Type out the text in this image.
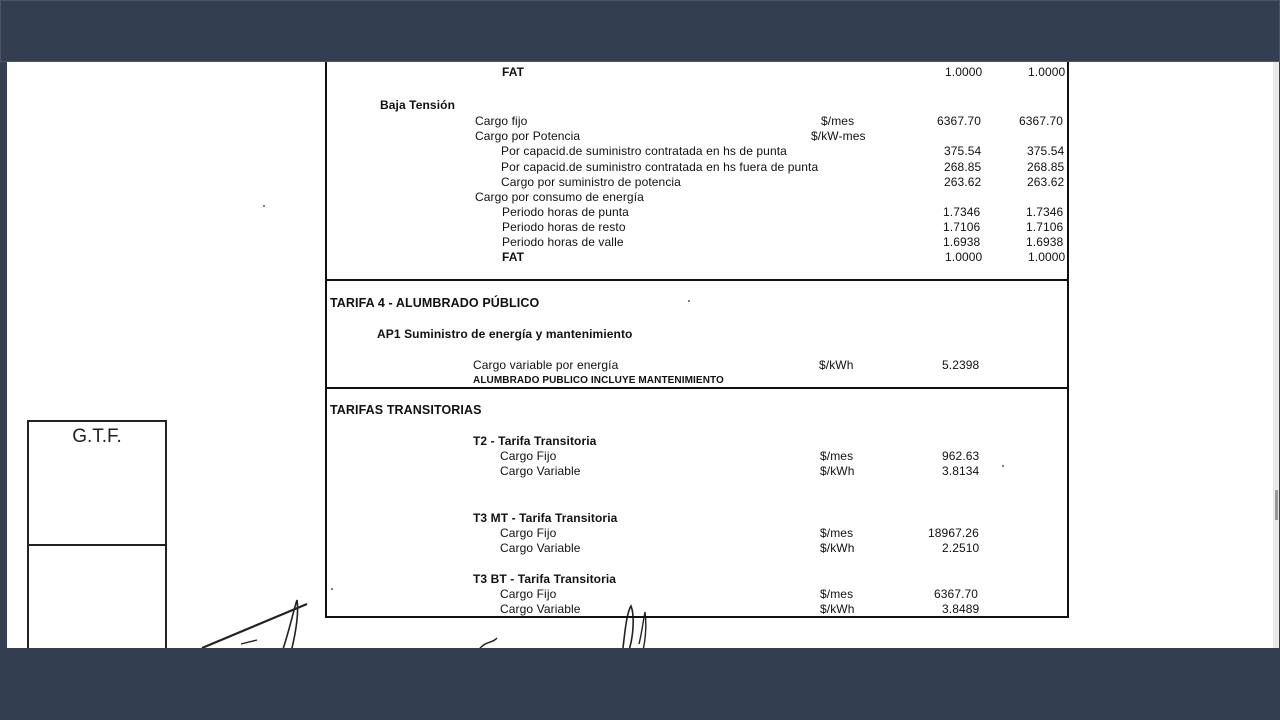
G.T.F.
FAT	1.0000	1.0000
Baja Tensión
Cargo fijo	$/mes	6367.70	6367.70
Cargo por Potencia	$/kW-mes
Por capacid.de suministro contratada en hs de punta	375.54	375.54
Por capacid.de suministro contratada en hs fuera de punta	268.85	268.85
Cargo por suministro de potencia	263.62	263.62
Cargo por consumo de energía
Periodo horas de punta	1.7346	1.7346
Periodo horas de resto	1.7106	1.7106
Periodo horas de valle	1.6938	1.6938
FAT	1.0000	1.0000
TARIFA 4 - ALUMBRADO PÚBLICO
AP1 Suministro de energía y mantenimiento
Cargo variable por energía	$/kWh	5.2398
ALUMBRADO PUBLICO INCLUYE MANTENIMIENTO
TARIFAS TRANSITORIAS
T2 - Tarifa Transitoria
Cargo Fijo	$/mes	962.63
Cargo Variable	$/kWh	3.8134
T3 MT - Tarifa Transitoria
Cargo Fijo	$/mes	18967.26
Cargo Variable	$/kWh	2.2510
T3 BT - Tarifa Transitoria
Cargo Fijo	$/mes	6367.70
Cargo Variable	$/kWh	3.8489
